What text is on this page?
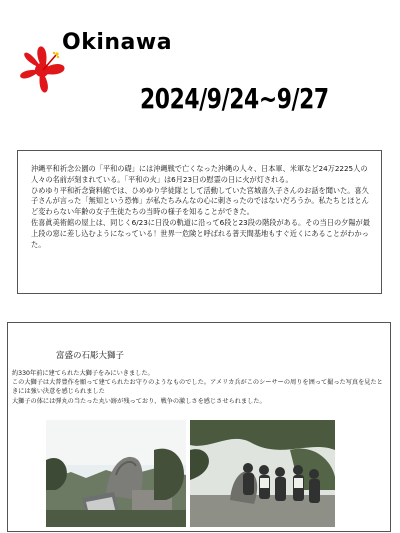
Okinawa
2024/9/24~9/27

沖縄平和祈念公園の「平和の礎」には沖縄戦で亡くなった沖縄の人々、日本軍、米軍など24万2225人の人々の名前が刻まれている。「平和の火」は6月23日の慰霊の日に火が灯される。

ひめゆり平和祈念資料館では、ひめゆり学徒隊として活動していた宮城喜久子さんのお話を聞いた。喜久子さんが言った「無知という恐怖」が私たちみんなの心に刺さったのではないだろうか。私たちとほとんど変わらない年齢の女子生徒たちの当時の様子を知ることができた。

佐喜眞美術館の屋上は、同じく6/23に日没の軌道に沿って6段と23段の階段がある。その当日の夕陽が最上段の窓に差し込むようになっている！世界一危険と呼ばれる普天間基地もすぐ近くにあることがわかった。

富盛の石彫大獅子

約330年前に建てられた大獅子をみにいきました。

この大獅子は大普豊作を願って建てられたお守りのようなものでした。アメリカ兵がこのシーサーの周りを囲って撮った写真を見たときには強い決意を感じられました

大獅子の体には弾丸の当たった丸い跡が残っており、戦争の激しさを感じさせられました。
